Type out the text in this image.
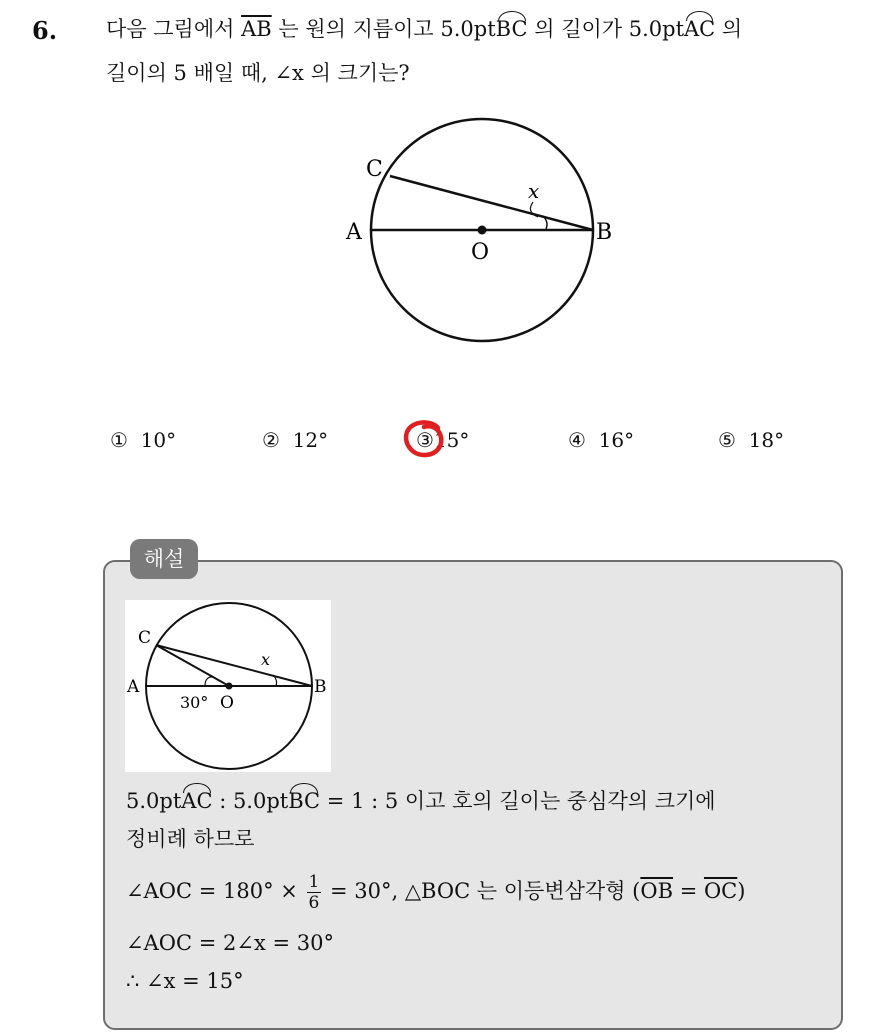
6. 다음 그림에서 $\overline{AB}$ 는 원의 지름이고 5.0ptBC 의 길이가 5.0ptAC 의
길이의 5 배일 때, ∠x 의 크기는?
C
A	B
O
x
① 10°	② 12°	③15°	④ 16°	⑤ 18°
해설
C
A	B
O
x
30°
5.0ptAC : 5.0ptBC = 1 : 5 이고 호의 길이는 중심각의 크기에
정비례 하므로
∠AOC = $180^\circ \times \frac{1}{6} = 30^\circ$, △BOC 는 이등변삼각형 $(\overline{OB} = \overline{OC})$
∠AOC = 2∠x = 30°
∴ ∠x = 15°
